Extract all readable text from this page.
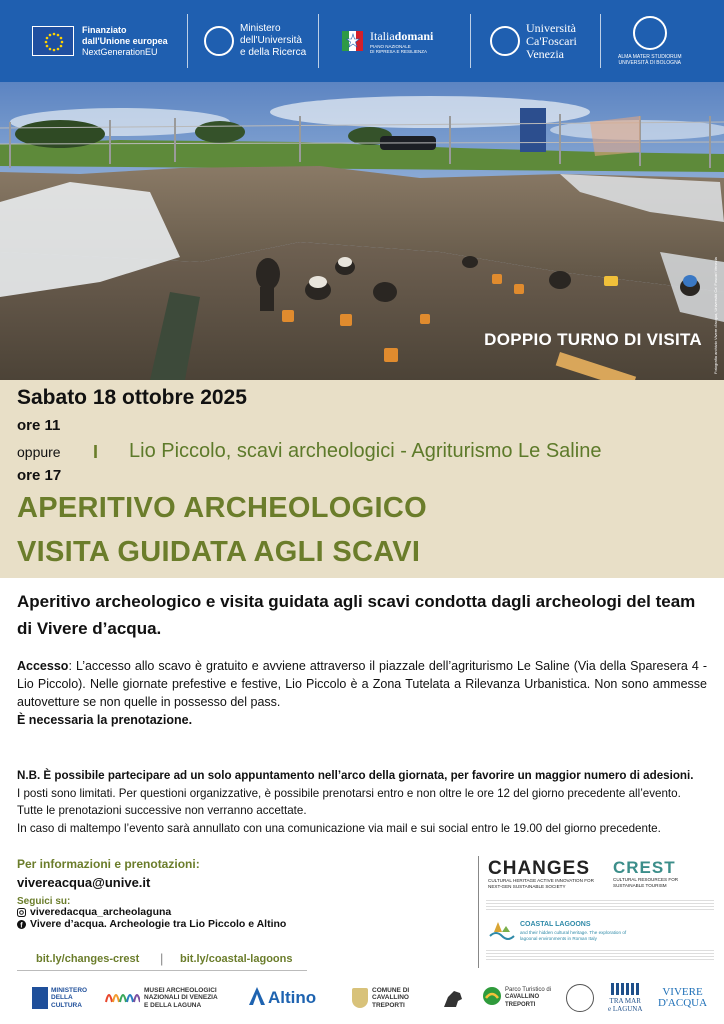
Finanziato
dall'Unione europea
NextGenerationEU
Ministero
dell'Università
e della Ricerca
Italiadomani
PIANO NAZIONALE
DI RIPRESA E RESILIENZA
Università
Ca'Foscari
Venezia	ALMA MATER STUDIORUM
UNIVERSITÀ DI BOLOGNA
DOPPIO TURNO DI VISITA	Fotografia archivio Vivere d'acqua, Università Ca' Foscari Venezia
Sabato 18 ottobre 2025
ore 11
oppure
ore 17
I Lio Piccolo, scavi archeologici - Agriturismo Le Saline
APERITIVO ARCHEOLOGICO
VISITA GUIDATA AGLI SCAVI
Aperitivo archeologico e visita guidata agli scavi condotta dagli archeologi del team di Vivere d’acqua.
Accesso: L’accesso allo scavo è gratuito e avviene attraverso il piazzale dell’agriturismo Le Saline (Via della Sparesera 4 - Lio Piccolo). Nelle giornate prefestive e festive, Lio Piccolo è a Zona Tutelata a Rilevanza Urbanistica. Non sono ammesse autovetture se non quelle in possesso del pass.
È necessaria la prenotazione.
N.B. È possibile partecipare ad un solo appuntamento nell’arco della giornata, per favorire un maggior numero di adesioni.
I posti sono limitati. Per questioni organizzative, è possibile prenotarsi entro e non oltre le ore 12 del giorno precedente all’evento. Tutte le prenotazioni successive non verranno accettate.
In caso di maltempo l’evento sarà annullato con una comunicazione via mail e sui social entro le 19.00 del giorno precedente.
Per informazioni e prenotazioni:
vivereacqua@unive.it
Seguici su:
viveredacqua_archeolaguna
f Vivere d’acqua. Archeologie tra Lio Piccolo e Altino
bit.ly/changes-crest | bit.ly/coastal-lagoons
CHANGES
CULTURAL HERITAGE ACTIVE INNOVATION FOR NEXT-GEN SUSTAINABLE SOCIETY
CREST
CULTURAL RESOURCES FOR SUSTAINABLE TOURISM
COASTAL LAGOONS
and their hidden cultural heritage. The exploration of lagoonal environments in Roman Italy
MINISTERO
DELLA
CULTURA
MUSEI ARCHEOLOGICI
NAZIONALI DI VENEZIA
E DELLA LAGUNA	Altino	COMUNE DI
CAVALLINO
TREPORTI
Parco Turistico di
CAVALLINO
TREPORTI	TRA MAR
e LAGUNA
VIVERE
D'ACQUA
